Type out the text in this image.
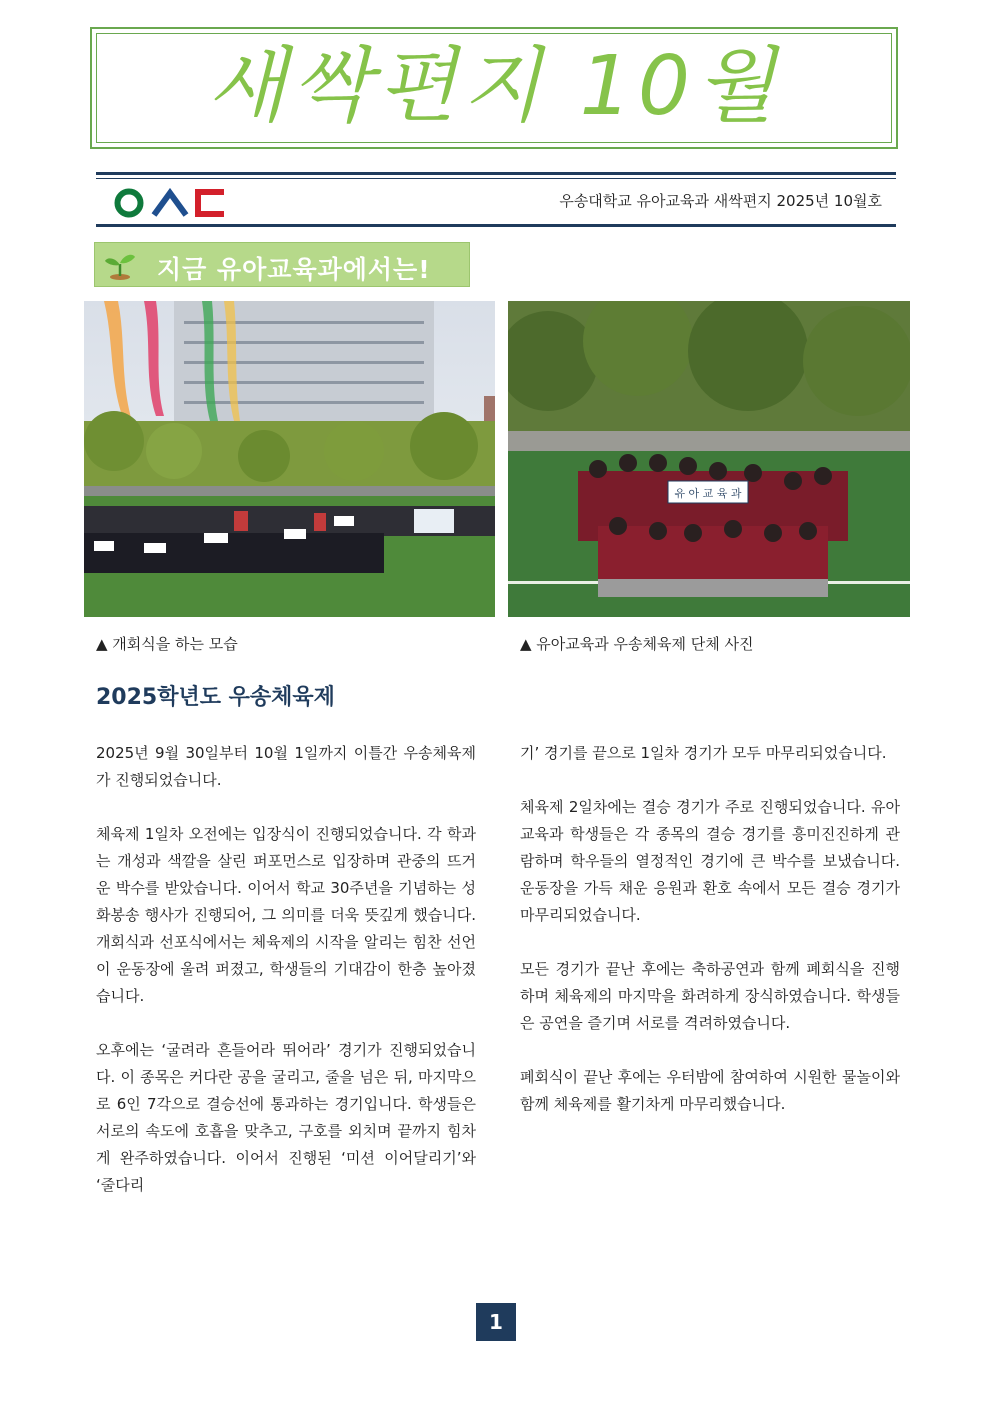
새싹편지 10월
우송대학교 유아교육과 새싹편지 2025년 10월호
지금 유아교육과에서는!
유 아 교 육 과
▲ 개회식을 하는 모습	▲ 유아교육과 우송체육제 단체 사진
2025학년도 우송체육제

2025년 9월 30일부터 10월 1일까지 이틀간 우송체육제가 진행되었습니다.

체육제 1일차 오전에는 입장식이 진행되었습니다. 각 학과는 개성과 색깔을 살린 퍼포먼스로 입장하며 관중의 뜨거운 박수를 받았습니다. 이어서 학교 30주년을 기념하는 성화봉송 행사가 진행되어, 그 의미를 더욱 뜻깊게 했습니다. 개회식과 선포식에서는 체육제의 시작을 알리는 힘찬 선언이 운동장에 울려 퍼졌고, 학생들의 기대감이 한층 높아졌습니다.

오후에는 ‘굴려라 흔들어라 뛰어라’ 경기가 진행되었습니다. 이 종목은 커다란 공을 굴리고, 줄을 넘은 뒤, 마지막으로 6인 7각으로 결승선에 통과하는 경기입니다. 학생들은 서로의 속도에 호흡을 맞추고, 구호를 외치며 끝까지 힘차게 완주하였습니다. 이어서 진행된 ‘미션 이어달리기’와 ‘줄다리

기’ 경기를 끝으로 1일차 경기가 모두 마무리되었습니다.

체육제 2일차에는 결승 경기가 주로 진행되었습니다. 유아교육과 학생들은 각 종목의 결승 경기를 흥미진진하게 관람하며 학우들의 열정적인 경기에 큰 박수를 보냈습니다. 운동장을 가득 채운 응원과 환호 속에서 모든 결승 경기가 마무리되었습니다.

모든 경기가 끝난 후에는 축하공연과 함께 폐회식을 진행하며 체육제의 마지막을 화려하게 장식하였습니다. 학생들은 공연을 즐기며 서로를 격려하였습니다.

폐회식이 끝난 후에는 우터밤에 참여하여 시원한 물놀이와 함께 체육제를 활기차게 마무리했습니다.

1
